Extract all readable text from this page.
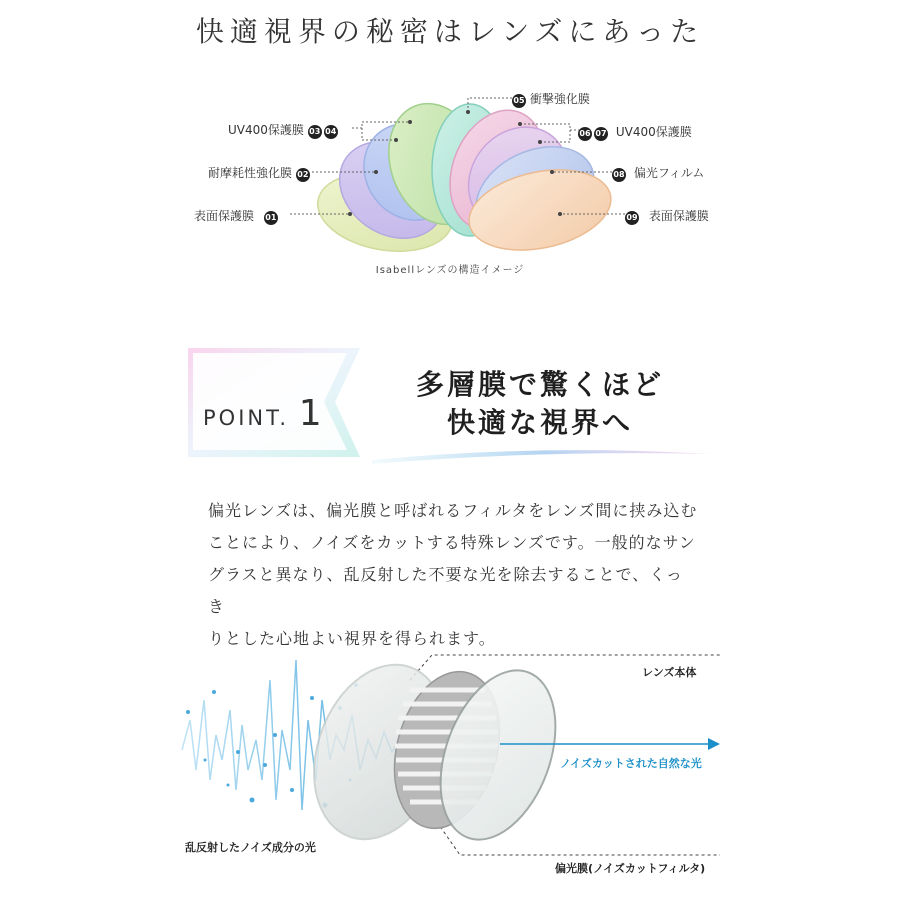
快適視界の秘密はレンズにあった
UV400保護膜 03 04
耐摩耗性強化膜 02
表面保護膜 01
05 衝撃強化膜
06 07 UV400保護膜
08 偏光フィルム
09 表面保護膜
Isabellレンズの構造イメージ
POINT. 1
多層膜で驚くほど
快適な視界へ
偏光レンズは、偏光膜と呼ばれるフィルタをレンズ間に挟み込む
ことにより、ノイズをカットする特殊レンズです。一般的なサン
グラスと異なり、乱反射した不要な光を除去することで、くっき
りとした心地よい視界を得られます。
レンズ本体
ノイズカットされた自然な光
乱反射したノイズ成分の光
偏光膜(ノイズカットフィルタ)
